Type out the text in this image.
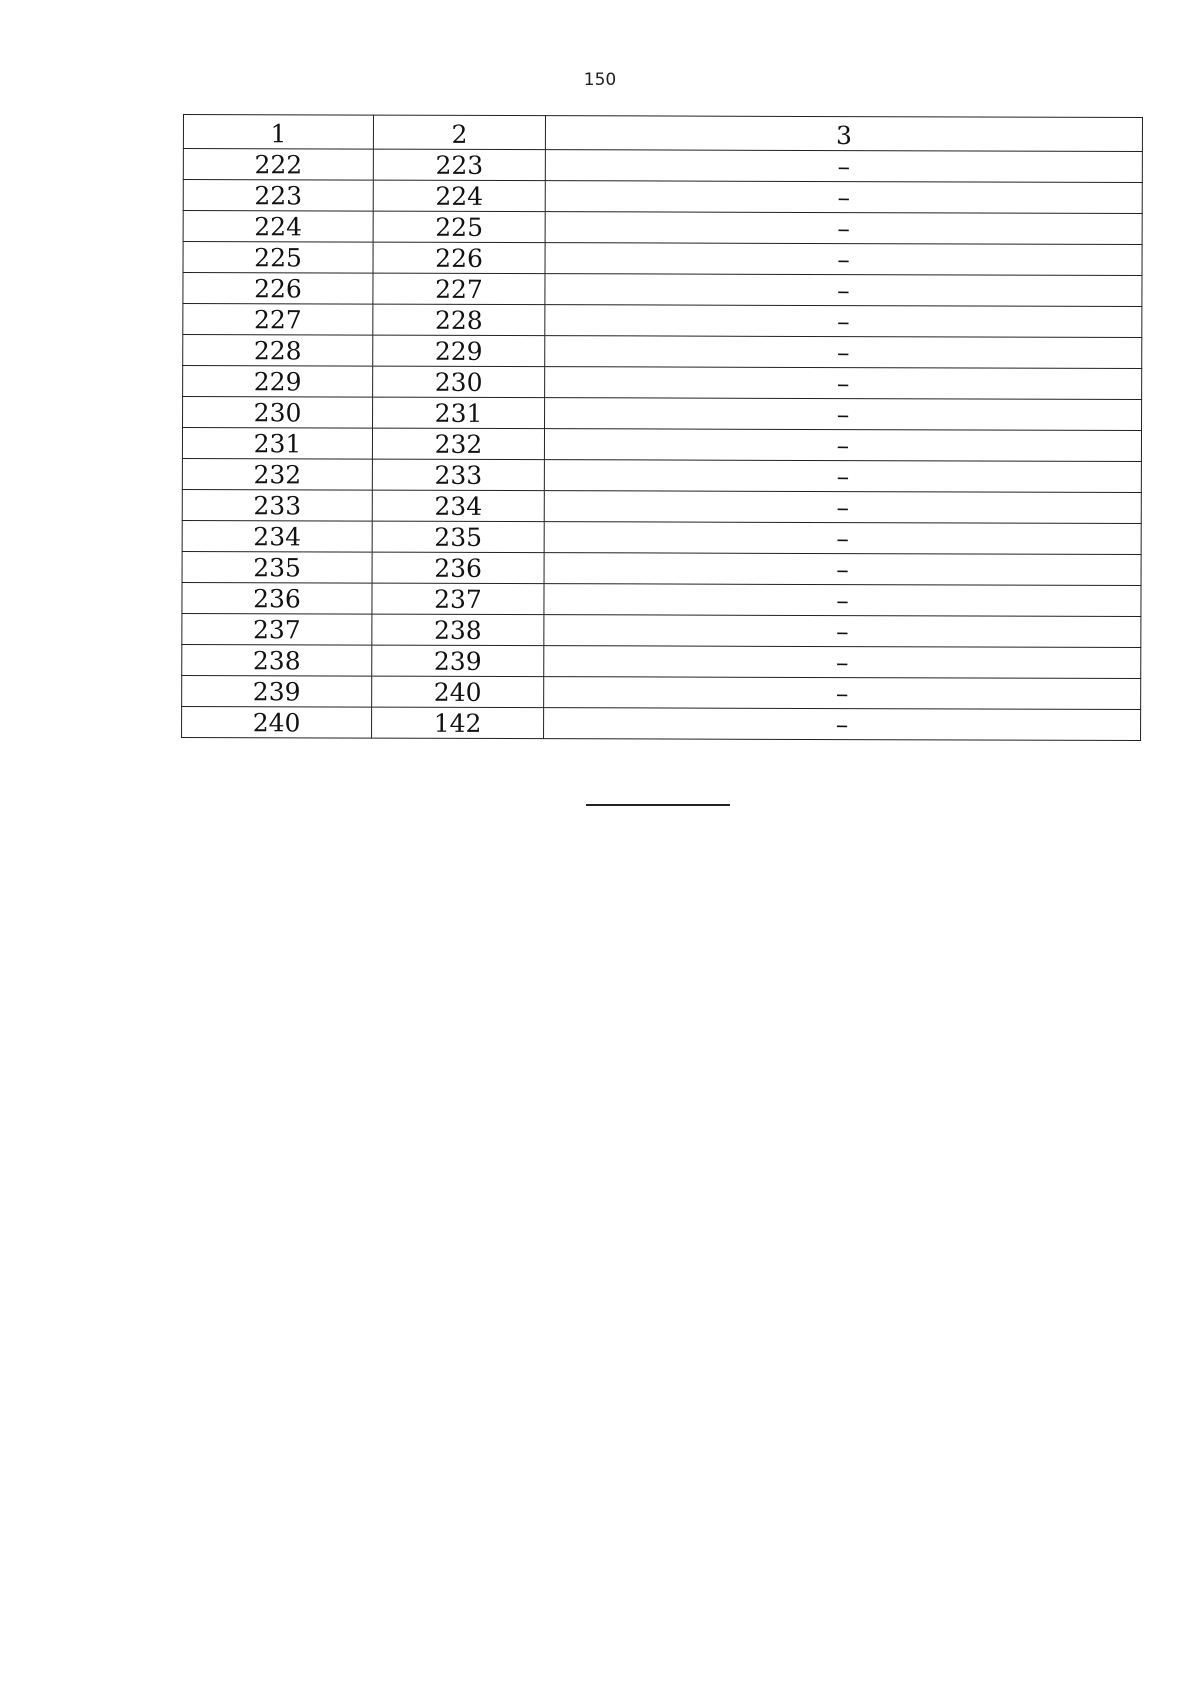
150
1	2	3
222	223	–
223	224	–
224	225	–
225	226	–
226	227	–
227	228	–
228	229	–
229	230	–
230	231	–
231	232	–
232	233	–
233	234	–
234	235	–
235	236	–
236	237	–
237	238	–
238	239	–
239	240	–
240	142	–
